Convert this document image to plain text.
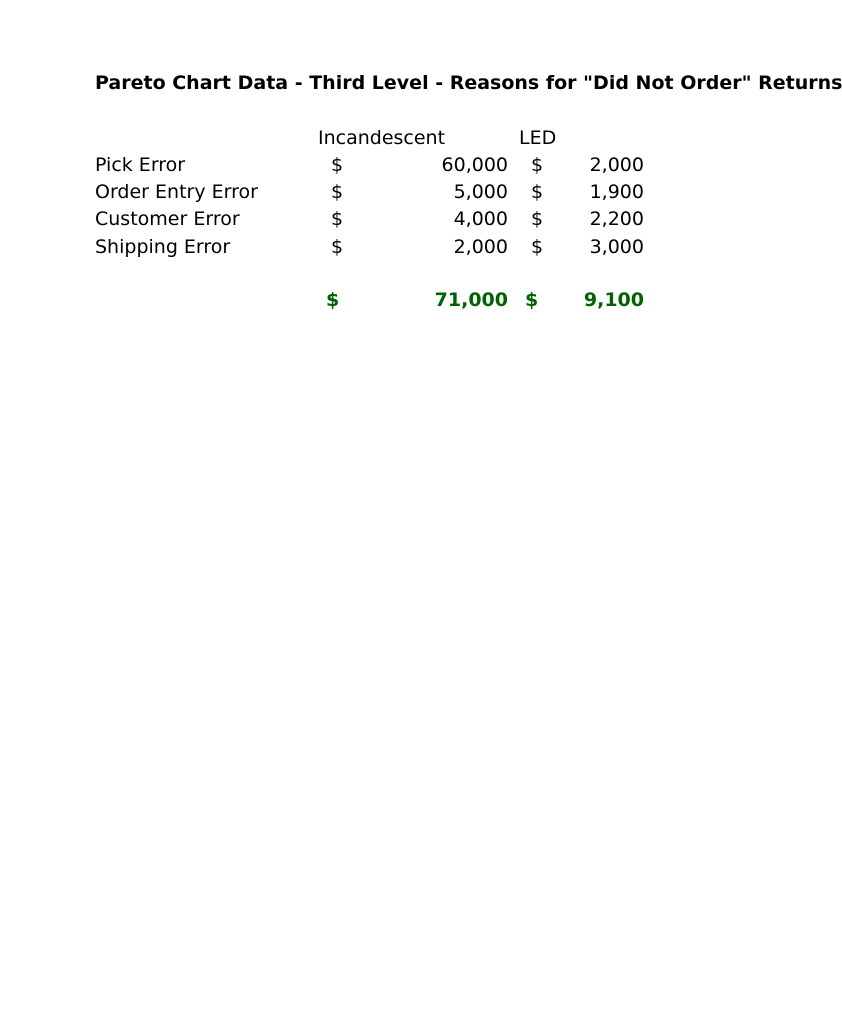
Pareto Chart Data - Third Level - Reasons for "Did Not Order" Returns
Incandescent	LED
Pick Error	$	60,000 $ 2,000
Order Entry Error	$	5,000 $ 1,900
Customer Error	$	4,000 $ 2,200
Shipping Error	$	2,000 $ 3,000
$	71,000 $ 9,100
